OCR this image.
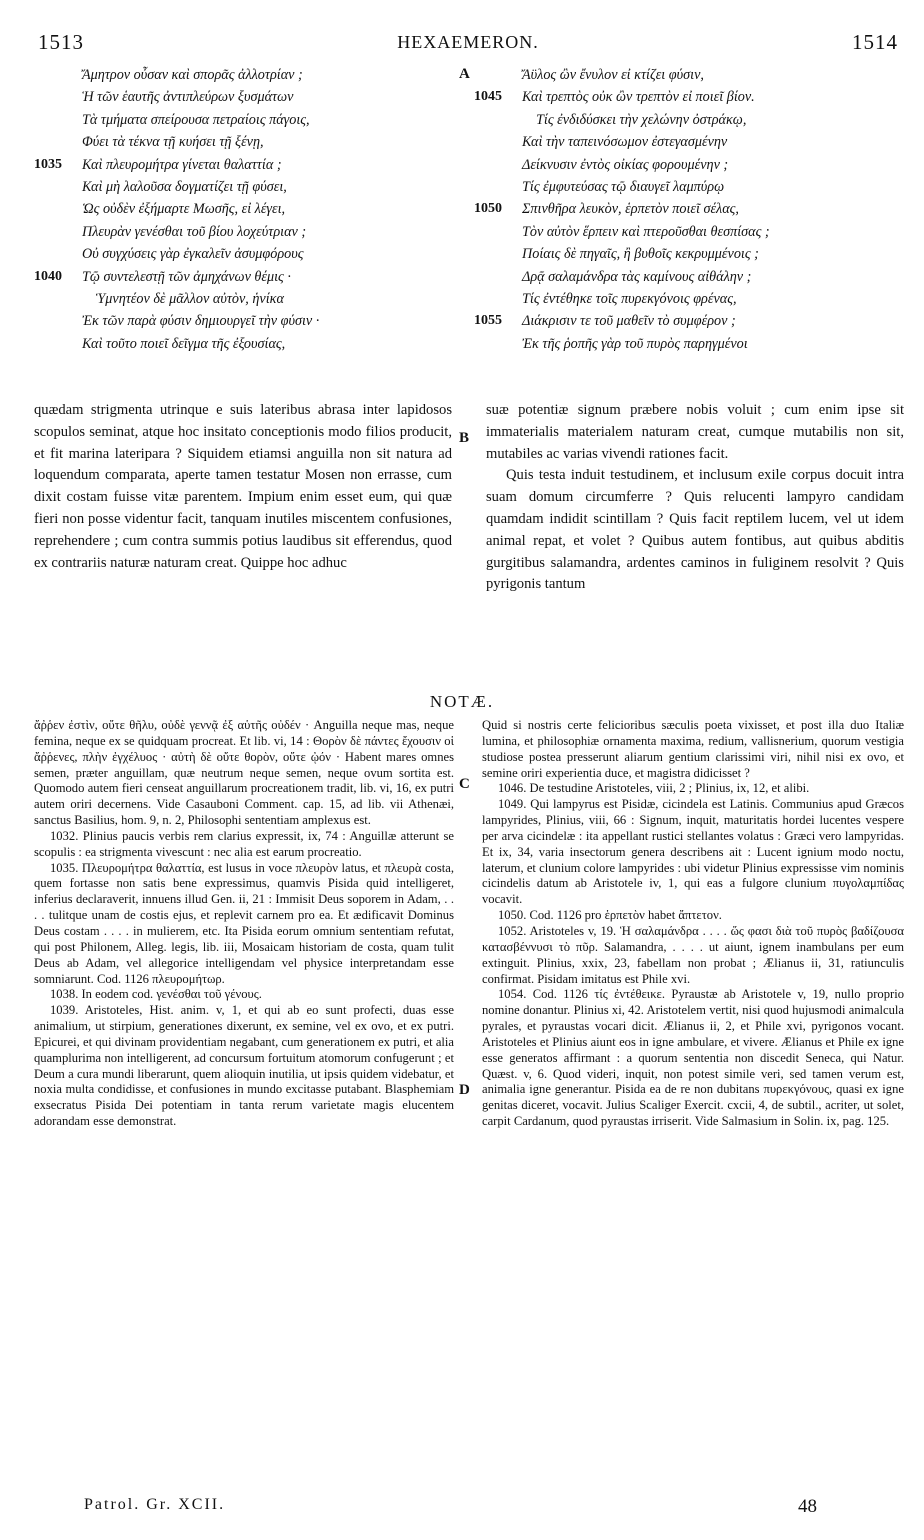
1513	HEXAEMERON.	1514
A
B
C
D
Ἄμητρον οὖσαν καὶ σπορᾶς ἀλλοτρίαν ;
Ἡ τῶν ἑαυτῆς ἀντιπλεύρων ξυσμάτων
Τὰ τμήματα σπείρουσα πετραίοις πάγοις,
Φύει τὰ τέκνα τῇ κυήσει τῇ ξένῃ,
1035 Καὶ πλευρομήτρα γίνεται θαλαττία ;
Καὶ μὴ λαλοῦσα δογματίζει τῇ φύσει,
Ὡς οὐδὲν ἐξήμαρτε Μωσῆς, εἰ λέγει,
Πλευρὰν γενέσθαι τοῦ βίου λοχεύτριαν ;
Οὐ συγχύσεις γὰρ ἐγκαλεῖν ἀσυμφόρους
1040 Τῷ συντελεστῇ τῶν ἀμηχάνων θέμις ·
Ὑμνητέον δὲ μᾶλλον αὐτὸν, ἡνίκα
Ἐκ τῶν παρὰ φύσιν δημιουργεῖ τὴν φύσιν ·
Καὶ τοῦτο ποιεῖ δεῖγμα τῆς ἐξουσίας,
Ἄϋλος ὢν ἔνυλον εἰ κτίζει φύσιν,
1045 Καὶ τρεπτὸς οὐκ ὢν τρεπτὸν εἰ ποιεῖ βίον.
Τίς ἐνδιδύσκει τὴν χελώνην ὀστράκῳ,
Καὶ τὴν ταπεινόσωμον ἐστεγασμένην
Δείκνυσιν ἐντὸς οἰκίας φορουμένην ;
Τίς ἐμφυτεύσας τῷ διαυγεῖ λαμπύρῳ
1050 Σπινθῆρα λευκὸν, ἑρπετὸν ποιεῖ σέλας,
Τὸν αὐτὸν ἕρπειν καὶ πτεροῦσθαι θεσπίσας ;
Ποίαις δὲ πηγαῖς, ἢ βυθοῖς κεκρυμμένοις ;
Δρᾷ σαλαμάνδρα τὰς καμίνους αἰθάλην ;
Τίς ἐντέθηκε τοῖς πυρεκγόνοις φρένας,
1055 Διάκρισιν τε τοῦ μαθεῖν τὸ συμφέρον ;
Ἐκ τῆς ῥοπῆς γὰρ τοῦ πυρὸς παρηγμένοι

quædam strigmenta utrinque e suis lateribus abrasa inter lapidosos scopulos seminat, atque hoc insitato conceptionis modo filios producit, et fit marina lateripara ? Siquidem etiamsi anguilla non sit natura ad loquendum comparata, aperte tamen testatur Mosen non errasse, cum dixit costam fuisse vitæ parentem. Impium enim esset eum, qui quæ fieri non posse videntur facit, tanquam inutiles miscentem confusiones, reprehendere ; cum contra summis potius laudibus sit efferendus, quod ex contrariis naturæ naturam creat. Quippe hoc adhuc

suæ potentiæ signum præbere nobis voluit ; cum enim ipse sit immaterialis materialem naturam creat, cumque mutabilis non sit, mutabiles ac varias vivendi rationes facit.

Quis testa induit testudinem, et inclusum exile corpus docuit intra suam domum circumferre ? Quis relucenti lampyro candidam quamdam indidit scintillam ? Quis facit reptilem lucem, vel ut idem animal repat, et volet ? Quibus autem fontibus, aut quibus abditis gurgitibus salamandra, ardentes caminos in fuliginem resolvit ? Quis pyrigonis tantum

NOTÆ.

ἄῤῥεν ἐστὶν, οὔτε θῆλυ, οὐδὲ γεννᾷ ἐξ αὑτῆς οὐδέν · Anguilla neque mas, neque femina, neque ex se quidquam procreat. Et lib. vi, 14 : Θορὸν δὲ πάντες ἔχουσιν οἱ ἄῤῥενες, πλὴν ἐγχέλυος · αὐτὴ δὲ οὔτε θορὸν, οὔτε ᾠόν · Habent mares omnes semen, præter anguillam, quæ neutrum neque semen, neque ovum sortita est. Quomodo autem fieri censeat anguillarum procreationem tradit, lib. vi, 16, ex putri autem oriri decernens. Vide Casauboni Comment. cap. 15, ad lib. vii Athenæi, sanctus Basilius, hom. 9, n. 2, Philosophi sententiam amplexus est.

1032. Plinius paucis verbis rem clarius expressit, ix, 74 : Anguillæ atterunt se scopulis : ea strigmenta vivescunt : nec alia est earum procreatio.

1035. Πλευρομήτρα θαλαττία, est lusus in voce πλευρὸν latus, et πλευρὰ costa, quem fortasse non satis bene expressimus, quamvis Pisida quid intelligeret, inferius declaraverit, innuens illud Gen. ii, 21 : Immisit Deus soporem in Adam, . . . . tulitque unam de costis ejus, et replevit carnem pro ea. Et ædificavit Dominus Deus costam . . . . in mulierem, etc. Ita Pisida eorum omnium sententiam refutat, qui post Philonem, Alleg. legis, lib. iii, Mosaicam historiam de costa, quam tulit Deus ab Adam, vel allegorice intelligendam vel physice interpretandam esse somniarunt. Cod. 1126 πλευρομήτωρ.

1038. In eodem cod. γενέσθαι τοῦ γένους.

1039. Aristoteles, Hist. anim. v, 1, et qui ab eo sunt profecti, duas esse animalium, ut stirpium, generationes dixerunt, ex semine, vel ex ovo, et ex putri. Epicurei, et qui divinam providentiam negabant, cum generationem ex putri, et alia quamplurima non intelligerent, ad concursum fortuitum atomorum confugerunt ; et Deum a cura mundi liberarunt, quem alioquin inutilia, ut ipsis quidem videbatur, et noxia multa condidisse, et confusiones in mundo excitasse putabant. Blasphemiam exsecratus Pisida Dei potentiam in tanta rerum varietate magis elucentem adorandam esse demonstrat.

Quid si nostris certe felicioribus sæculis poeta vixisset, et post illa duo Italiæ lumina, et philosophiæ ornamenta maxima, redium, vallisnerium, quorum vestigia studiose postea presserunt aliarum gentium clarissimi viri, nihil nisi ex ovo, et semine oriri experientia duce, et magistra didicisset ?

1046. De testudine Aristoteles, viii, 2 ; Plinius, ix, 12, et alibi.

1049. Qui lampyrus est Pisidæ, cicindela est Latinis. Communius apud Græcos lampyrides, Plinius, viii, 66 : Signum, inquit, maturitatis hordei lucentes vespere per arva cicindelæ : ita appellant rustici stellantes volatus : Græci vero lampyridas. Et ix, 34, varia insectorum genera describens ait : Lucent ignium modo noctu, laterum, et clunium colore lampyrides : ubi videtur Plinius expressisse vim nominis cicindelis datum ab Aristotele iv, 1, qui eas a fulgore clunium πυγολαμπίδας vocavit.

1050. Cod. 1126 pro ἑρπετὸν habet ἄπτετον.

1052. Aristoteles v, 19. Ἡ σαλαμάνδρα . . . . ὥς φασι διὰ τοῦ πυρὸς βαδίζουσα κατασβέννυσι τὸ πῦρ. Salamandra, . . . . ut aiunt, ignem inambulans per eum extinguit. Plinius, xxix, 23, fabellam non probat ; Ælianus ii, 31, ratiunculis confirmat. Pisidam imitatus est Phile xvi.

1054. Cod. 1126 τίς ἐντέθεικε. Pyraustæ ab Aristotele v, 19, nullo proprio nomine donantur. Plinius xi, 42. Aristotelem vertit, nisi quod hujusmodi animalcula pyrales, et pyraustas vocari dicit. Ælianus ii, 2, et Phile xvi, pyrigonos vocant. Aristoteles et Plinius aiunt eos in igne ambulare, et vivere. Ælianus et Phile ex igne esse generatos affirmant : a quorum sententia non discedit Seneca, qui Natur. Quæst. v, 6. Quod videri, inquit, non potest simile veri, sed tamen verum est, animalia igne generantur. Pisida ea de re non dubitans πυρεκγόνους, quasi ex igne genitas diceret, vocavit. Julius Scaliger Exercit. cxcii, 4, de subtil., acriter, ut solet, carpit Cardanum, quod pyraustas irriserit. Vide Salmasium in Solin. ix, pag. 125.

Patrol. Gr. XCII.	48
